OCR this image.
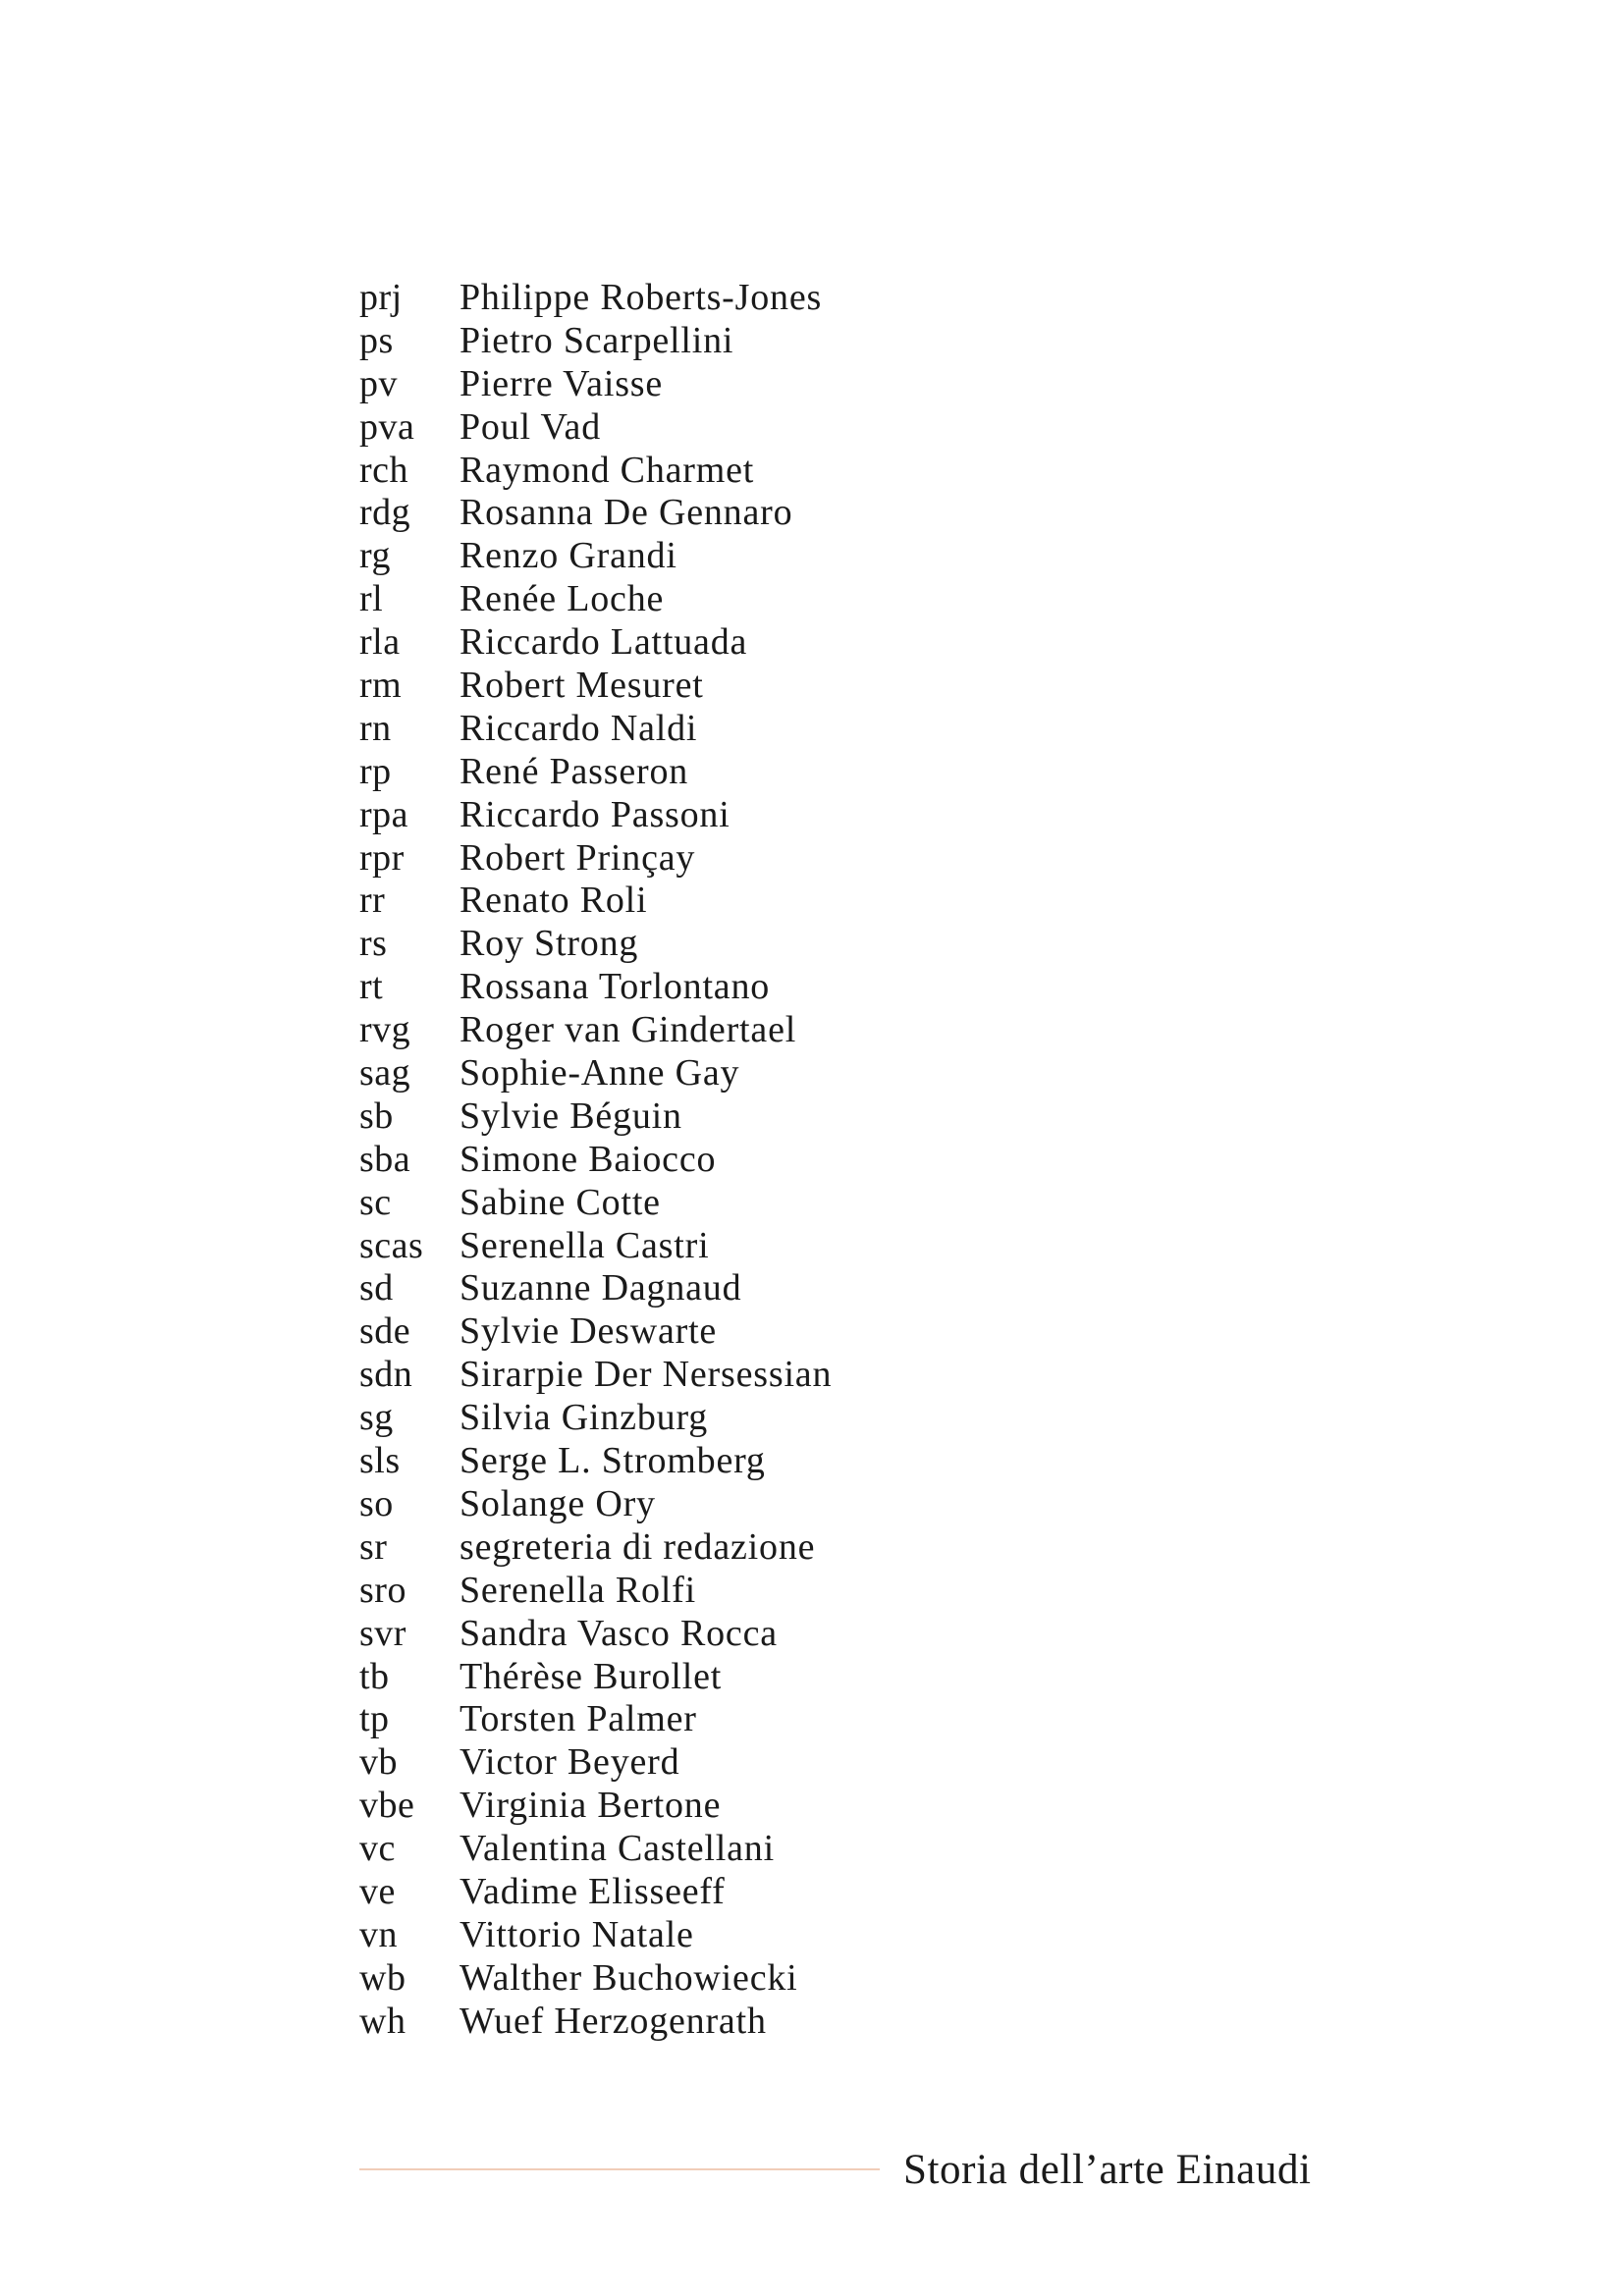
prj	Philippe Roberts-Jones
ps	Pietro Scarpellini
pv	Pierre Vaisse
pva	Poul Vad
rch	Raymond Charmet
rdg	Rosanna De Gennaro
rg	Renzo Grandi
rl	Renée Loche
rla	Riccardo Lattuada
rm	Robert Mesuret
rn	Riccardo Naldi
rp	René Passeron
rpa	Riccardo Passoni
rpr	Robert Prinçay
rr	Renato Roli
rs	Roy Strong
rt	Rossana Torlontano
rvg	Roger van Gindertael
sag	Sophie-Anne Gay
sb	Sylvie Béguin
sba	Simone Baiocco
sc	Sabine Cotte
scas Serenella Castri
sd	Suzanne Dagnaud
sde	Sylvie Deswarte
sdn	Sirarpie Der Nersessian
sg	Silvia Ginzburg
sls	Serge L. Stromberg
so	Solange Ory
sr	segreteria di redazione
sro	Serenella Rolfi
svr	Sandra Vasco Rocca
tb	Thérèse Burollet
tp	Torsten Palmer
vb	Victor Beyerd
vbe	Virginia Bertone
vc	Valentina Castellani
ve	Vadime Elisseeff
vn	Vittorio Natale
wb	Walther Buchowiecki
wh	Wuef Herzogenrath
Storia dell’arte Einaudi
